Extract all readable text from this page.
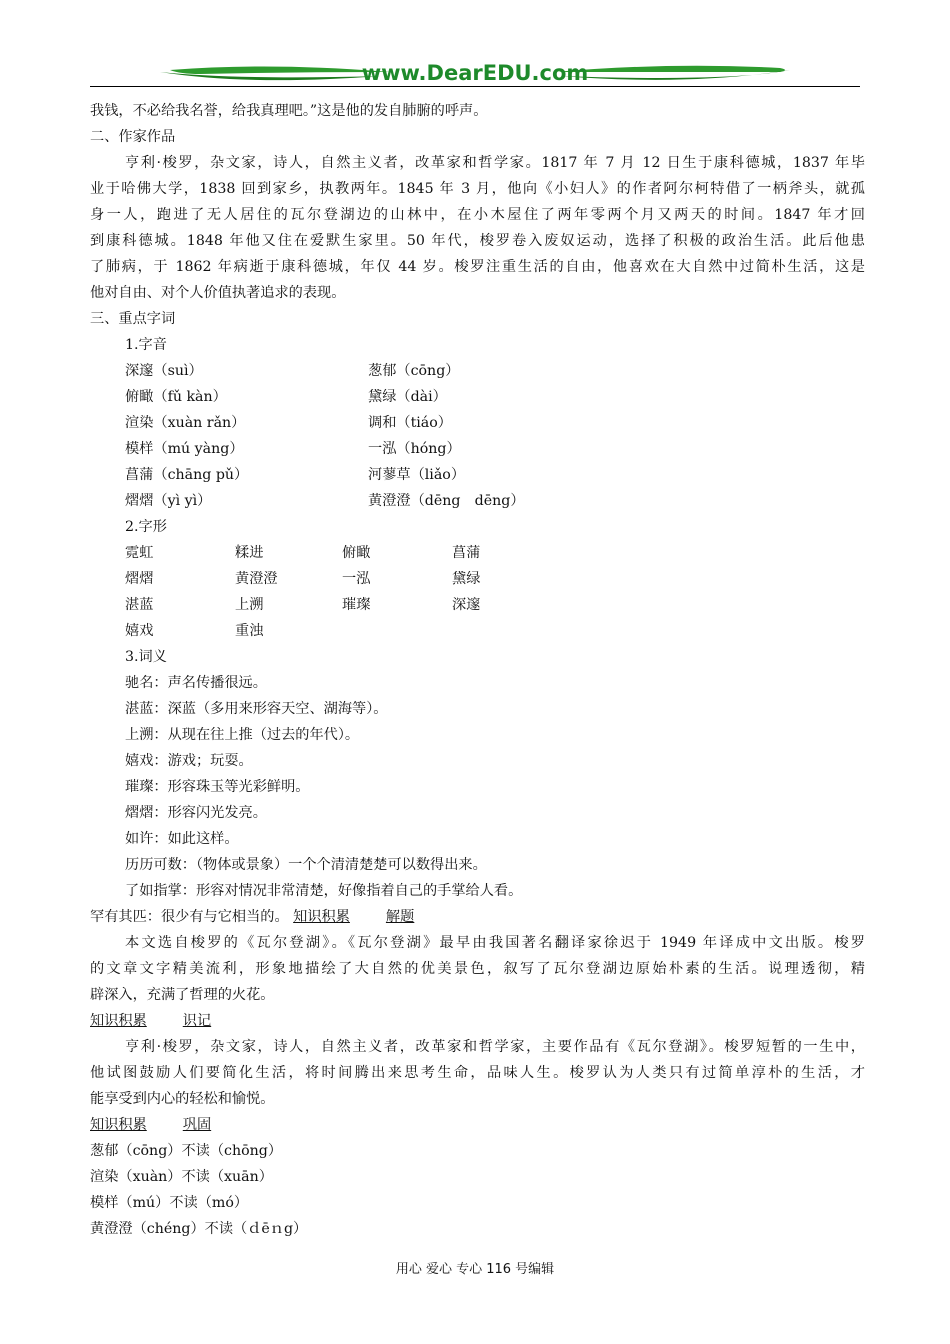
www.DearEDU.com
我钱，不必给我名誉，给我真理吧。”这是他的发自肺腑的呼声。
二、作家作品
亨利·梭罗，杂文家，诗人，自然主义者，改革家和哲学家。1817 年 7 月 12 日生于康科德城，1837 年毕
业于哈佛大学，1838 回到家乡，执教两年。1845 年 3 月，他向《小妇人》的作者阿尔柯特借了一柄斧头，就孤
身一人，跑进了无人居住的瓦尔登湖边的山林中，在小木屋住了两年零两个月又两天的时间。1847 年才回
到康科德城。1848 年他又住在爱默生家里。50 年代，梭罗卷入废奴运动，选择了积极的政治生活。此后他患
了肺病，于 1862 年病逝于康科德城，年仅 44 岁。梭罗注重生活的自由，他喜欢在大自然中过简朴生活，这是
他对自由、对个人价值执著追求的表现。
三、重点字词
1.字音
深邃（suì）	葱郁（cōng）
俯瞰（fǔ kàn）	黛绿（dài）
渲染（xuàn rǎn）	调和（tiáo）
模样（mú yàng）	一泓（hóng）
菖蒲（chāng pǔ）	河蓼草（liǎo）
熠熠（yì yì）	黄澄澄（dēng　dēng）
2.字形
霓虹	糅进	俯瞰	菖蒲
熠熠	黄澄澄	一泓	黛绿
湛蓝	上溯	璀璨	深邃
嬉戏	重浊
3.词义
驰名：声名传播很远。
湛蓝：深蓝（多用来形容天空、湖海等）。
上溯：从现在往上推（过去的年代）。
嬉戏：游戏；玩耍。
璀璨：形容珠玉等光彩鲜明。
熠熠：形容闪光发亮。
如许：如此这样。
历历可数：（物体或景象）一个个清清楚楚可以数得出来。
了如指掌：形容对情况非常清楚，好像指着自己的手掌给人看。
罕有其匹：很少有与它相当的。 知识积累	解题
本文选自梭罗的《瓦尔登湖》。《瓦尔登湖》最早由我国著名翻译家徐迟于 1949 年译成中文出版。梭罗
的文章文字精美流利，形象地描绘了大自然的优美景色，叙写了瓦尔登湖边原始朴素的生活。说理透彻，精
辟深入，充满了哲理的火花。
知识积累	识记
亨利·梭罗，杂文家，诗人，自然主义者，改革家和哲学家，主要作品有《瓦尔登湖》。梭罗短暂的一生中，
他试图鼓励人们要简化生活，将时间腾出来思考生命，品味人生。梭罗认为人类只有过简单淳朴的生活，才
能享受到内心的轻松和愉悦。
知识积累	巩固
葱郁（cōng）不读（chōng）
渲染（xuàn）不读（xuān）
模样（mú）不读（mó）
黄澄澄（chéng）不读（ｄēｎg）
用心 爱心 专心 116 号编辑
